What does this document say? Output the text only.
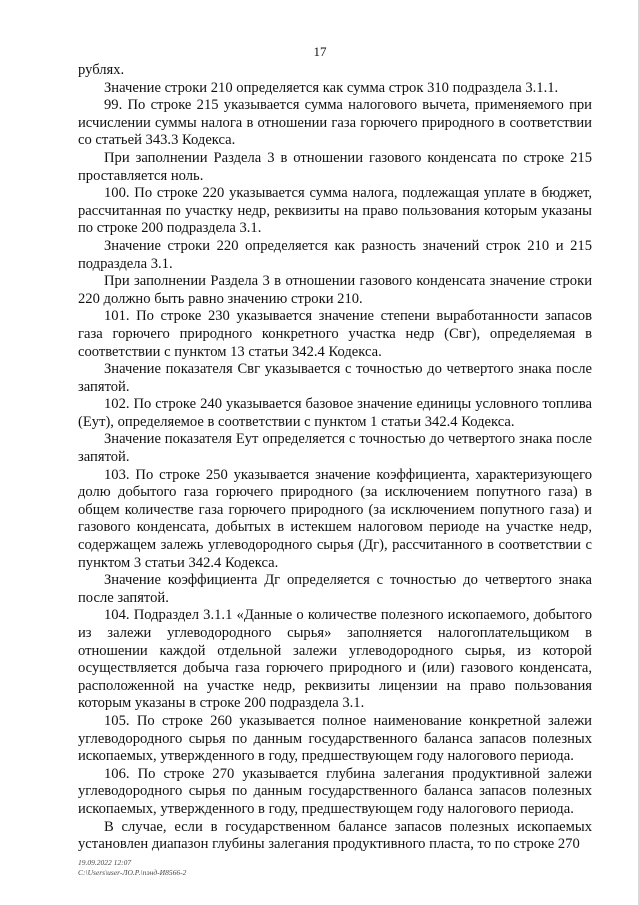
17

рублях.

Значение строки 210 определяется как сумма строк 310 подраздела 3.1.1.

99. По строке 215 указывается сумма налогового вычета, применяемого при исчислении суммы налога в отношении газа горючего природного в соответствии со статьей 343.3 Кодекса.

При заполнении Раздела 3 в отношении газового конденсата по строке 215 проставляется ноль.

100. По строке 220 указывается сумма налога, подлежащая уплате в бюджет, рассчитанная по участку недр, реквизиты на право пользования которым указаны по строке 200 подраздела 3.1.

Значение строки 220 определяется как разность значений строк 210 и 215 подраздела 3.1.

При заполнении Раздела 3 в отношении газового конденсата значение строки 220 должно быть равно значению строки 210.

101. По строке 230 указывается значение степени выработанности запасов газа горючего природного конкретного участка недр (Свг), определяемая в соответствии с пунктом 13 статьи 342.4 Кодекса.

Значение показателя Свг указывается с точностью до четвертого знака после запятой.

102. По строке 240 указывается базовое значение единицы условного топлива (Еут), определяемое в соответствии с пунктом 1 статьи 342.4 Кодекса.

Значение показателя Еут определяется с точностью до четвертого знака после запятой.

103. По строке 250 указывается значение коэффициента, характеризующего долю добытого газа горючего природного (за исключением попутного газа) в общем количестве газа горючего природного (за исключением попутного газа) и газового конденсата, добытых в истекшем налоговом периоде на участке недр, содержащем залежь углеводородного сырья (Дг), рассчитанного в соответствии с пунктом 3 статьи 342.4 Кодекса.

Значение коэффициента Дг определяется с точностью до четвертого знака после запятой.

104. Подраздел 3.1.1 «Данные о количестве полезного ископаемого, добытого из залежи углеводородного сырья» заполняется налогоплательщиком в отношении каждой отдельной залежи углеводородного сырья, из которой осуществляется добыча газа горючего природного и (или) газового конденсата, расположенной на участке недр, реквизиты лицензии на право пользования которым указаны в строке 200 подраздела 3.1.

105. По строке 260 указывается полное наименование конкретной залежи углеводородного сырья по данным государственного баланса запасов полезных ископаемых, утвержденного в году, предшествующем году налогового периода.

106. По строке 270 указывается глубина залегания продуктивной залежи углеводородного сырья по данным государственного баланса запасов полезных ископаемых, утвержденного в году, предшествующем году налогового периода.

В случае, если в государственном балансе запасов полезных ископаемых установлен диапазон глубины залегания продуктивного пласта, то по строке 270

19.09.2022 12:07
C:\Users\user-ЛО.Р.\пэнд-И8566-2
